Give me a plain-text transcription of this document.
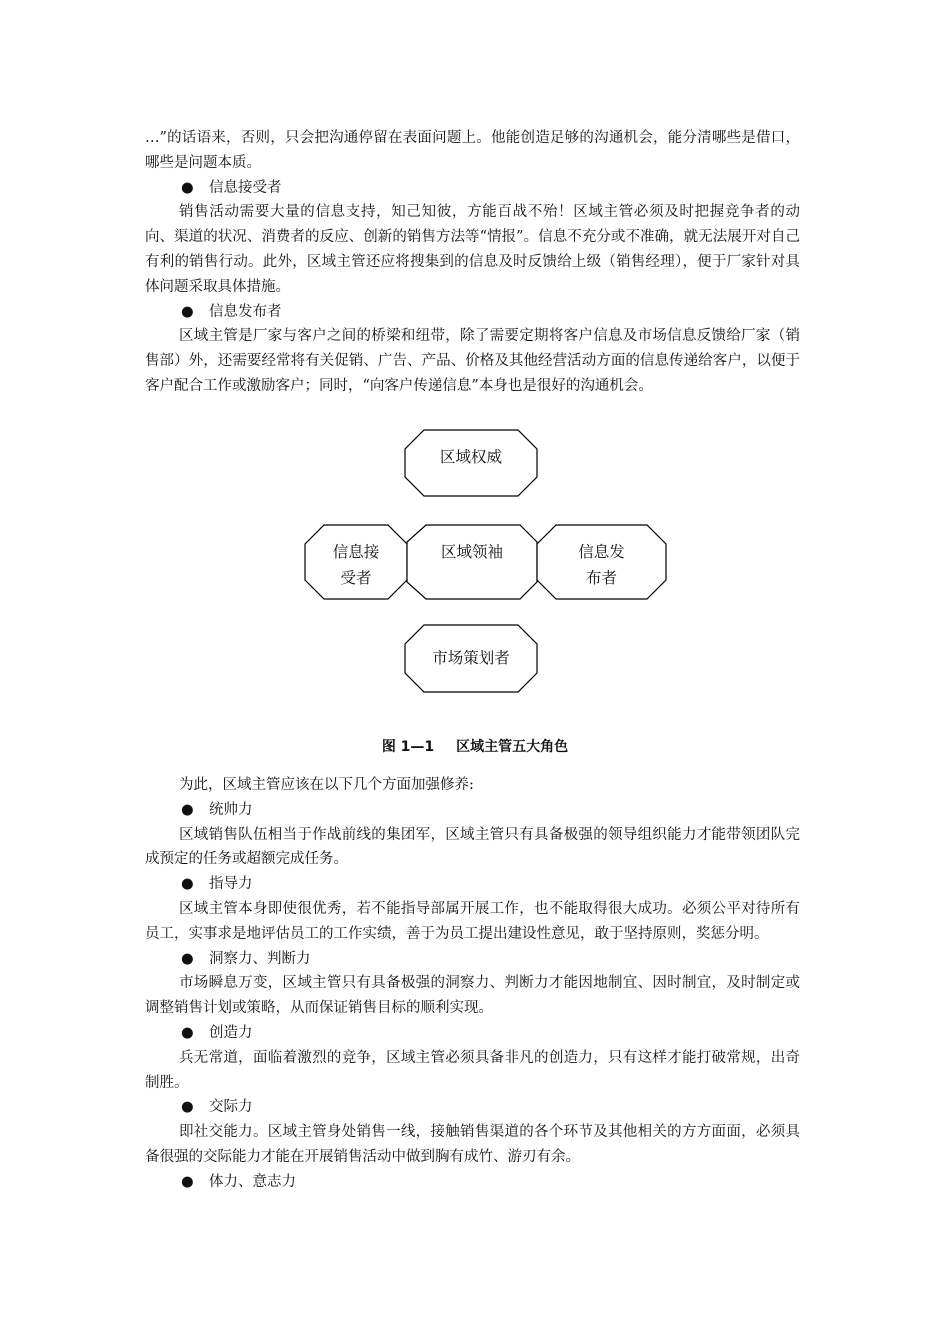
…”的话语来，否则，只会把沟通停留在表面问题上。他能创造足够的沟通机会，能分清哪些是借口，哪些是问题本质。

● 信息接受者

销售活动需要大量的信息支持，知己知彼，方能百战不殆！区域主管必须及时把握竞争者的动向、渠道的状况、消费者的反应、创新的销售方法等“情报”。信息不充分或不准确，就无法展开对自己有利的销售行动。此外，区域主管还应将搜集到的信息及时反馈给上级（销售经理），便于厂家针对具体问题采取具体措施。

● 信息发布者

区域主管是厂家与客户之间的桥梁和纽带，除了需要定期将客户信息及市场信息反馈给厂家（销售部）外，还需要经常将有关促销、广告、产品、价格及其他经营活动方面的信息传递给客户，以便于客户配合工作或激励客户；同时，“向客户传递信息”本身也是很好的沟通机会。

区域权威
信息接
受者
区域领袖	信息发
布者
市场策划者
图 1—1 区域主管五大角色

为此，区域主管应该在以下几个方面加强修养:

● 统帅力

区域销售队伍相当于作战前线的集团军，区域主管只有具备极强的领导组织能力才能带领团队完成预定的任务或超额完成任务。

● 指导力

区域主管本身即使很优秀，若不能指导部属开展工作，也不能取得很大成功。必须公平对待所有员工，实事求是地评估员工的工作实绩，善于为员工提出建设性意见，敢于坚持原则，奖惩分明。

● 洞察力、判断力

市场瞬息万变，区域主管只有具备极强的洞察力、判断力才能因地制宜、因时制宜，及时制定或调整销售计划或策略，从而保证销售目标的顺利实现。

● 创造力

兵无常道，面临着激烈的竞争，区域主管必须具备非凡的创造力，只有这样才能打破常规，出奇制胜。

● 交际力

即社交能力。区域主管身处销售一线，接触销售渠道的各个环节及其他相关的方方面面，必须具备很强的交际能力才能在开展销售活动中做到胸有成竹、游刃有余。

● 体力、意志力
